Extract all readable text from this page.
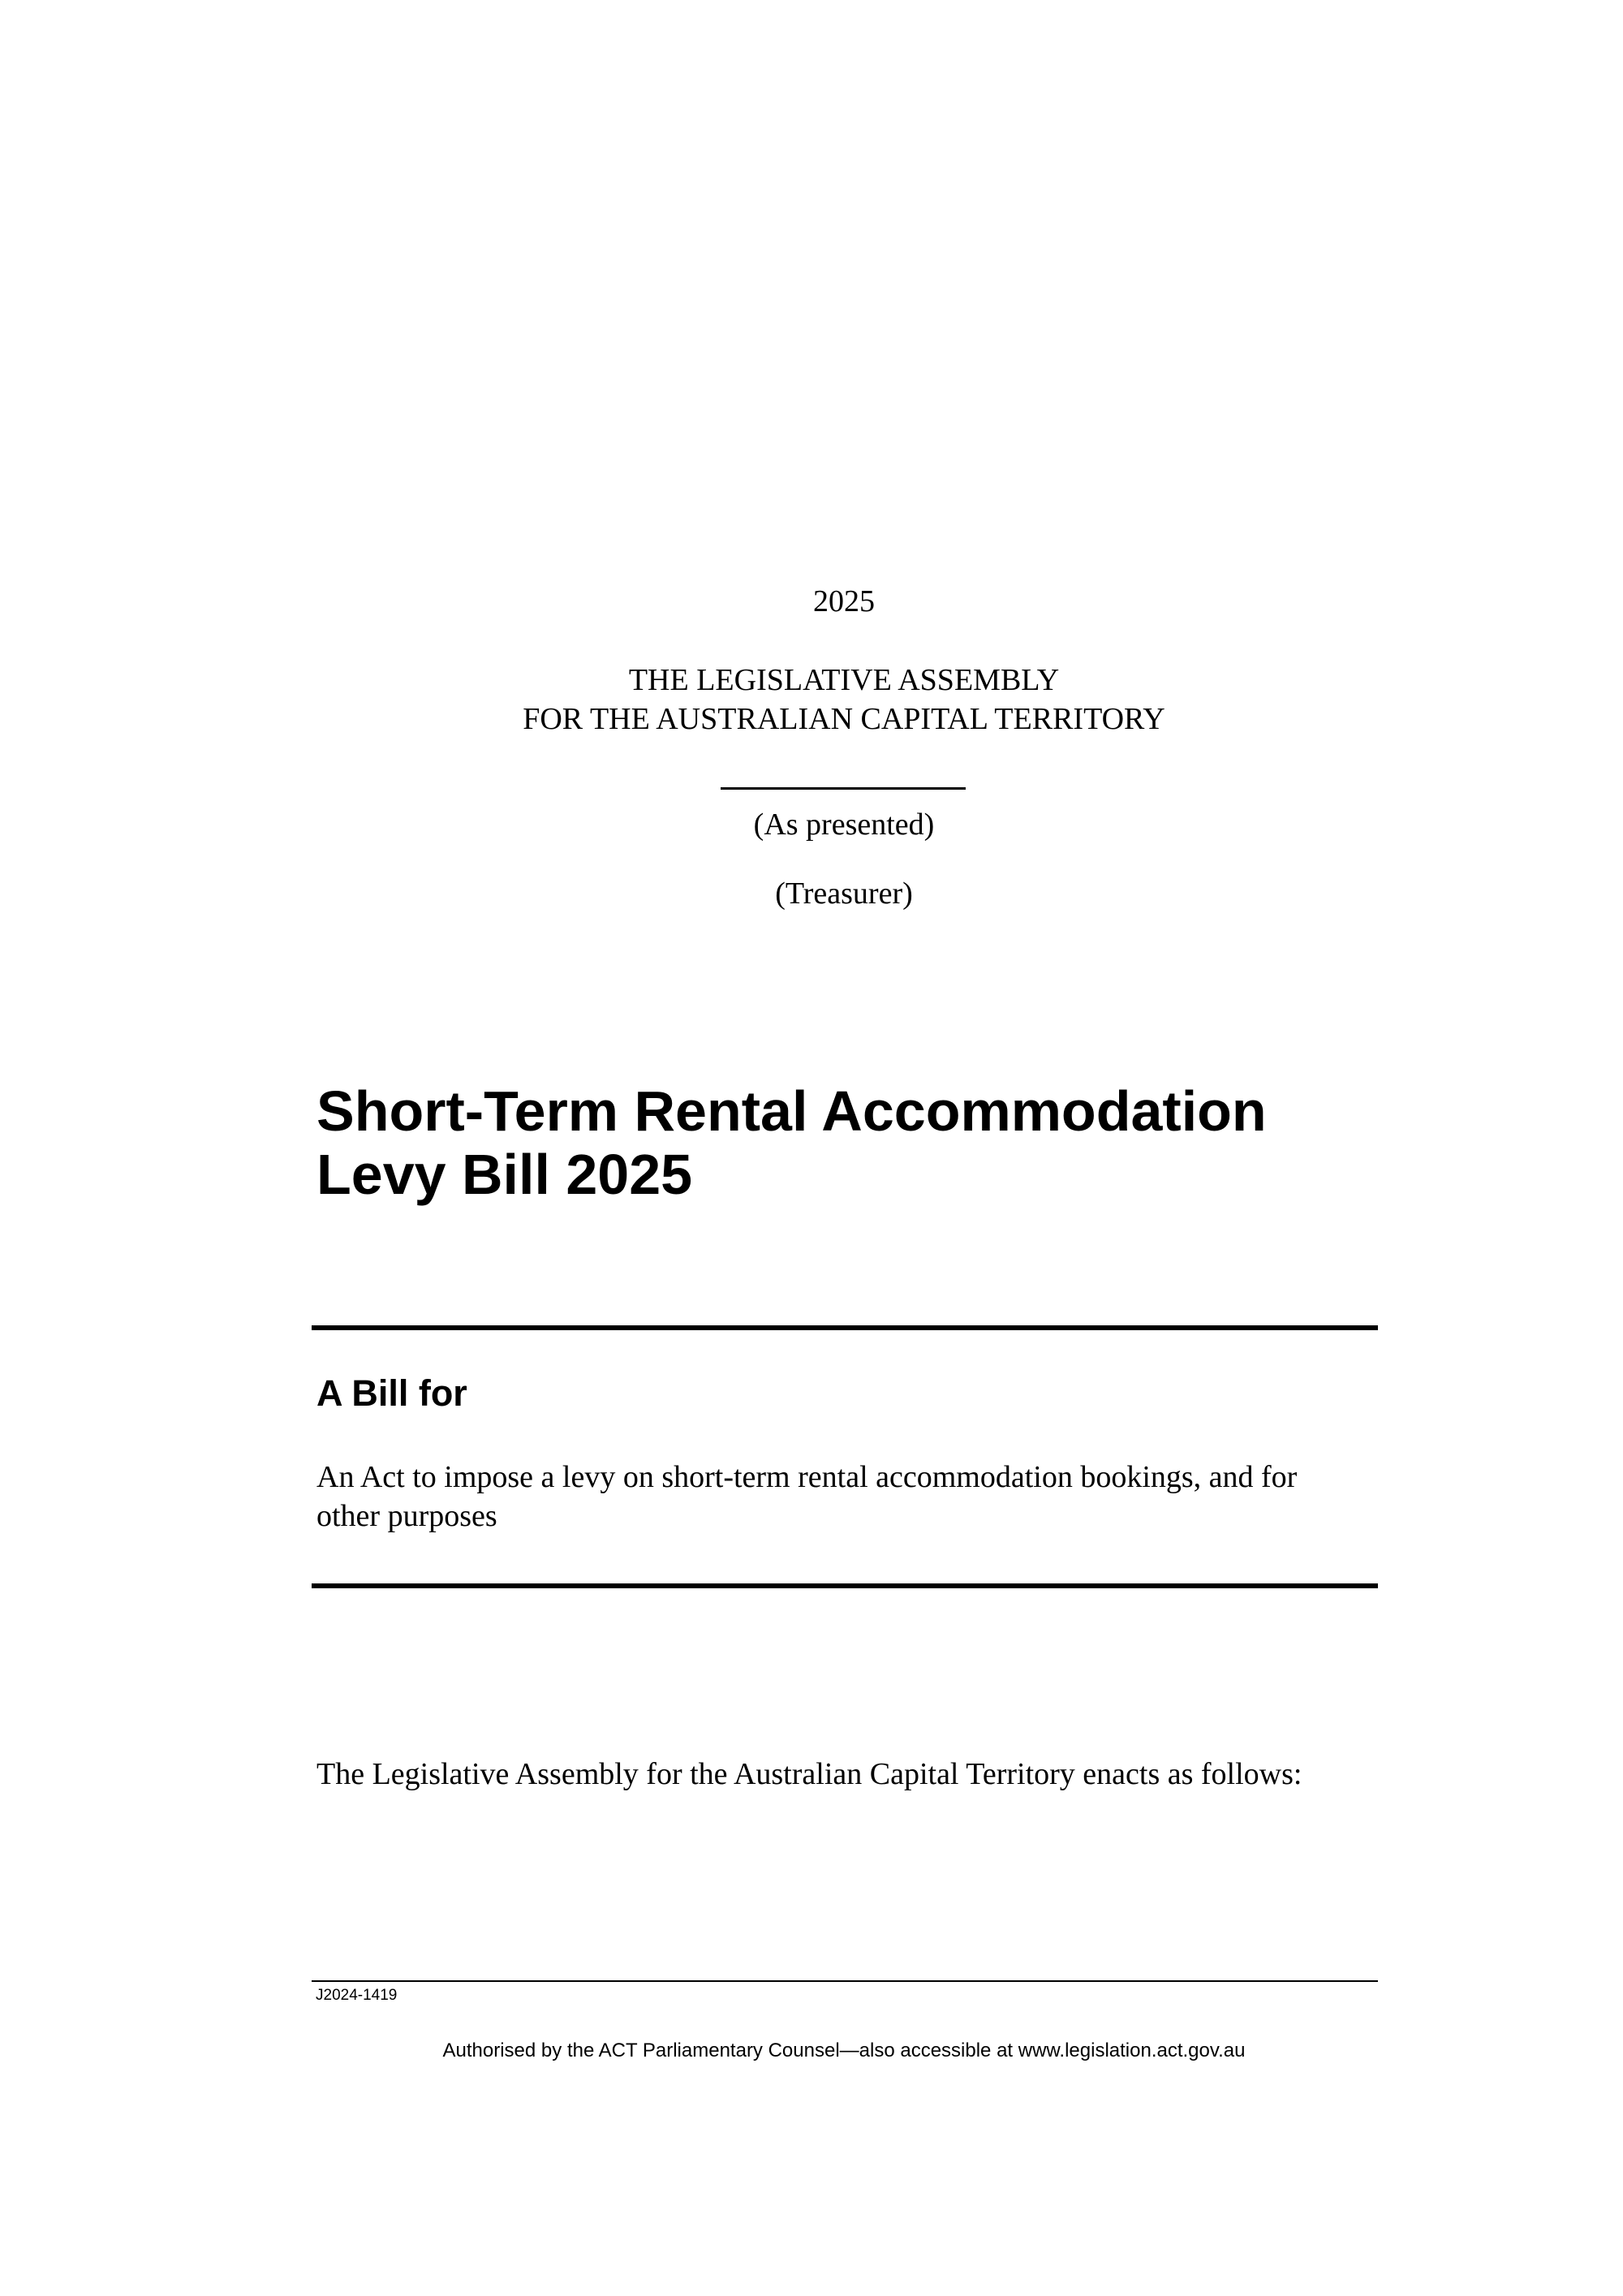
2025
THE LEGISLATIVE ASSEMBLY
FOR THE AUSTRALIAN CAPITAL TERRITORY
(As presented)
(Treasurer)
Short-Term Rental Accommodation
Levy Bill 2025
A Bill for
An Act to impose a levy on short-term rental accommodation bookings, and for
other purposes

The Legislative Assembly for the Australian Capital Territory enacts as follows:

J2024-1419
Authorised by the ACT Parliamentary Counsel—also accessible at www.legislation.act.gov.au
